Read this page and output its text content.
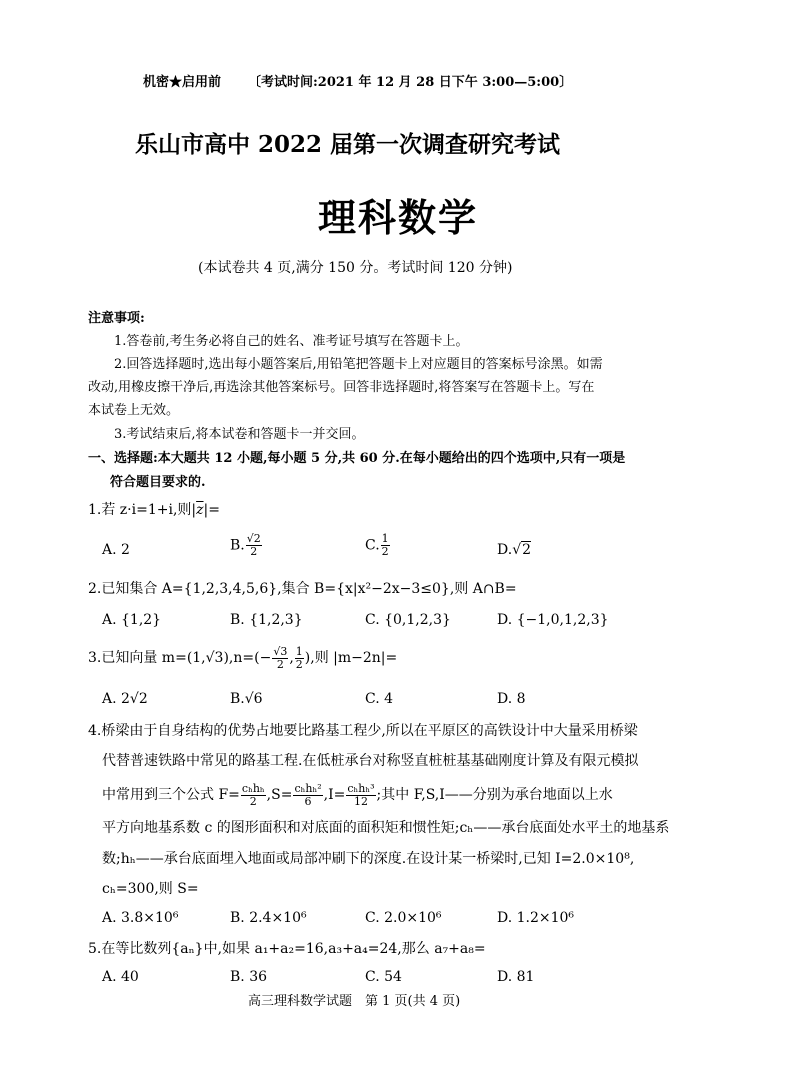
机密★启用前 〔考试时间:2021 年 12 月 28 日下午 3:00—5:00〕
乐山市高中 2022 届第一次调查研究考试
理科数学
(本试卷共 4 页,满分 150 分。考试时间 120 分钟)
注意事项:
1.答卷前,考生务必将自己的姓名、准考证号填写在答题卡上。
2.回答选择题时,选出每小题答案后,用铅笔把答题卡上对应题目的答案标号涂黑。如需
改动,用橡皮擦干净后,再选涂其他答案标号。回答非选择题时,将答案写在答题卡上。写在
本试卷上无效。
3.考试结束后,将本试卷和答题卡一并交回。
一、选择题:本大题共 12 小题,每小题 5 分,共 60 分.在每小题给出的四个选项中,只有一项是
符合题目要求的.
1.若 z·i=1+i,则$|\overline{z}|=$
A. 2	B. $\frac{√2}{2}$	C. $\frac{1}{2}$	D.√2
2.已知集合 A={1,2,3,4,5,6},集合 B={x|x²−2x−3≤0},则 A∩B=
A. {1,2}	B. {1,2,3}	C. {0,1,2,3}	D. {−1,0,1,2,3}
3.已知向量 $m=(1,√3),n=(- \frac{√3}{2}$ , $\frac{1}{2}$ ),则 |m−2n|=
A. 2√2	B.√6	C. 4	D. 8
4.桥梁由于自身结构的优势占地要比路基工程少,所以在平原区的高铁设计中大量采用桥梁
代替普速铁路中常见的路基工程.在低桩承台对称竖直桩桩基基础刚度计算及有限元模拟
中常用到三个公式 $F= \frac{\text{cₕhₕ}}{2} ,S= \frac{\text{cₕhₕ²}}{6} ,I= \frac{\text{cₕhₕ³}}{12}$ ;其中 F,S,I——分别为承台地面以上水
平方向地基系数 c 的图形面积和对底面的面积矩和惯性矩;cₕ——承台底面处水平土的地基系
数;hₕ——承台底面埋入地面或局部冲刷下的深度.在设计某一桥梁时,已知 I=2.0×10⁸,
cₕ=300,则 S=
A. 3.8×10⁶	B. 2.4×10⁶	C. 2.0×10⁶	D. 1.2×10⁶
5.在等比数列{aₙ}中,如果 a₁+a₂=16,a₃+a₄=24,那么 a₇+a₈=
A. 40	B. 36	C. 54	D. 81
高三理科数学试题　第 1 页(共 4 页)
